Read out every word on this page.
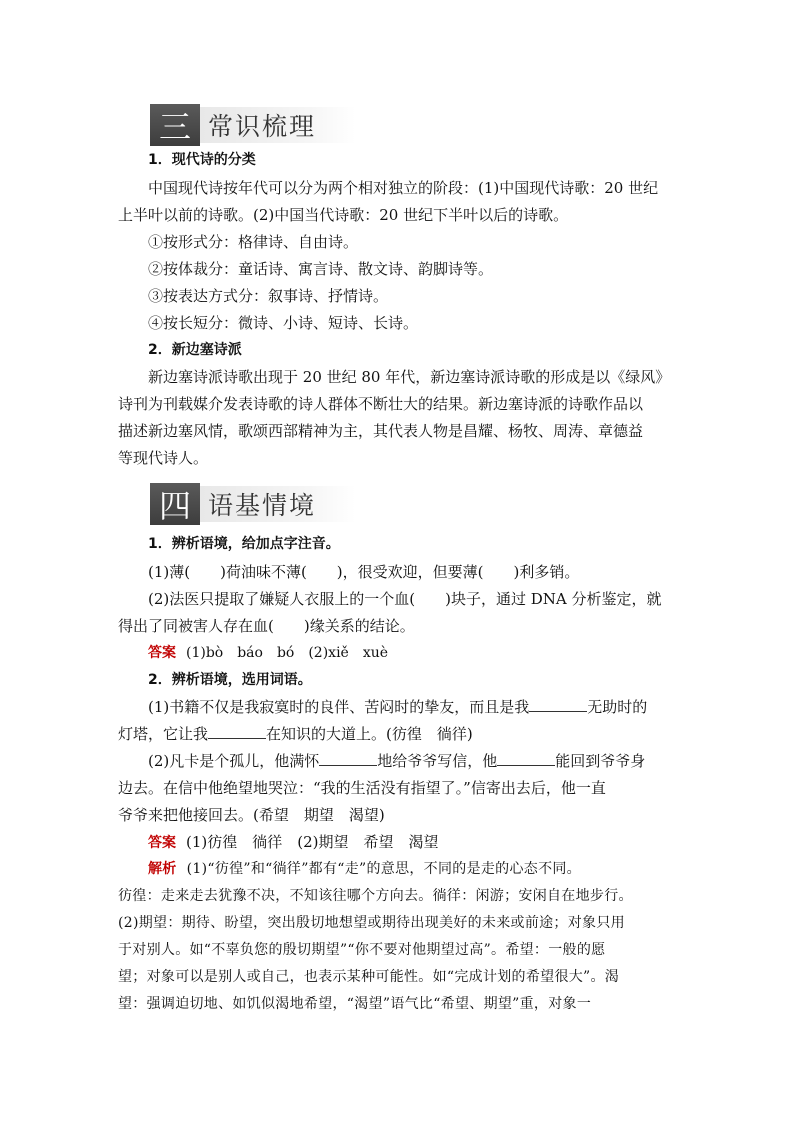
三 常识梳理
1．现代诗的分类
中国现代诗按年代可以分为两个相对独立的阶段：(1)中国现代诗歌：20 世纪
上半叶以前的诗歌。(2)中国当代诗歌：20 世纪下半叶以后的诗歌。
①按形式分：格律诗、自由诗。
②按体裁分：童话诗、寓言诗、散文诗、韵脚诗等。
③按表达方式分：叙事诗、抒情诗。
④按长短分：微诗、小诗、短诗、长诗。
2．新边塞诗派
新边塞诗派诗歌出现于 20 世纪 80 年代，新边塞诗派诗歌的形成是以《绿风》
诗刊为刊载媒介发表诗歌的诗人群体不断壮大的结果。新边塞诗派的诗歌作品以
描述新边塞风情，歌颂西部精神为主，其代表人物是昌耀、杨牧、周涛、章德益
等现代诗人。
四 语基情境
1．辨析语境，给加点字注音。
(1)薄(　　)荷油味不薄(　　)，很受欢迎，但要薄(　　)利多销。
(2)法医只提取了嫌疑人衣服上的一个血(　　)块子，通过 DNA 分析鉴定，就
得出了同被害人存在血(　　)缘关系的结论。
答案 (1)bò　báo　bó　(2)xiě　xuè
2．辨析语境，选用词语。
(1)书籍不仅是我寂寞时的良伴、苦闷时的挚友，而且是我	无助时的
灯塔，它让我	在知识的大道上。(彷徨　徜徉)
(2)凡卡是个孤儿，他满怀	地给爷爷写信，他	能回到爷爷身
边去。在信中他绝望地哭泣：“我的生活没有指望了。”信寄出去后，他一直
爷爷来把他接回去。(希望　期望　渴望)
答案 (1)彷徨　徜徉　(2)期望　希望　渴望
解析 (1)“彷徨”和“徜徉”都有“走”的意思，不同的是走的心态不同。
彷徨：走来走去犹豫不决，不知该往哪个方向去。徜徉：闲游；安闲自在地步行。
(2)期望：期待、盼望，突出殷切地想望或期待出现美好的未来或前途；对象只用
于对别人。如“不辜负您的殷切期望”“你不要对他期望过高”。希望：一般的愿
望；对象可以是别人或自己，也表示某种可能性。如“完成计划的希望很大”。渴
望：强调迫切地、如饥似渴地希望，“渴望”语气比“希望、期望”重，对象一
